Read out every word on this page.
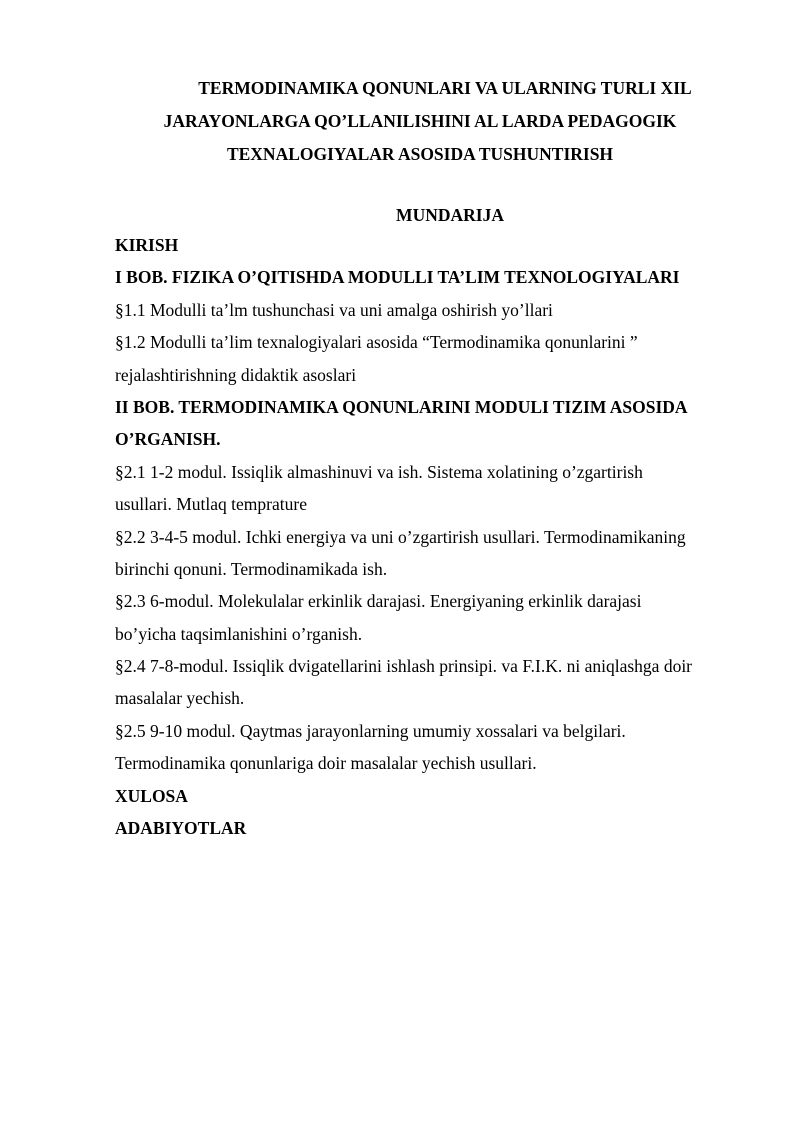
TERMODINAMIKA QONUNLARI VA ULARNING TURLI XIL
JARAYONLARGA QO’LLANILISHINI AL LARDA PEDAGOGIK
TEXNALOGIYALAR ASOSIDA TUSHUNTIRISH
MUNDARIJA
KIRISH
I BOB. FIZIKA O’QITISHDA MODULLI TA’LIM TEXNOLOGIYALARI
§1.1 Modulli ta’lm tushunchasi va uni amalga oshirish yo’llari
§1.2 Modulli ta’lim texnalogiyalari asosida “Termodinamika qonunlarini ”
rejalashtirishning didaktik asoslari
II BOB. TERMODINAMIKA QONUNLARINI MODULI TIZIM ASOSIDA
O’RGANISH.
§2.1 1-2 modul. Issiqlik almashinuvi va ish. Sistema xolatining o’zgartirish
usullari. Mutlaq temprature
§2.2 3-4-5 modul. Ichki energiya va uni o’zgartirish usullari. Termodinamikaning
birinchi qonuni. Termodinamikada ish.
§2.3 6-modul. Molekulalar erkinlik darajasi. Energiyaning erkinlik darajasi
bo’yicha taqsimlanishini o’rganish.
§2.4 7-8-modul. Issiqlik dvigatellarini ishlash prinsipi. va F.I.K. ni aniqlashga doir
masalalar yechish.
§2.5 9-10 modul. Qaytmas jarayonlarning umumiy xossalari va belgilari.
Termodinamika qonunlariga doir masalalar yechish usullari.
XULOSA
ADABIYOTLAR
